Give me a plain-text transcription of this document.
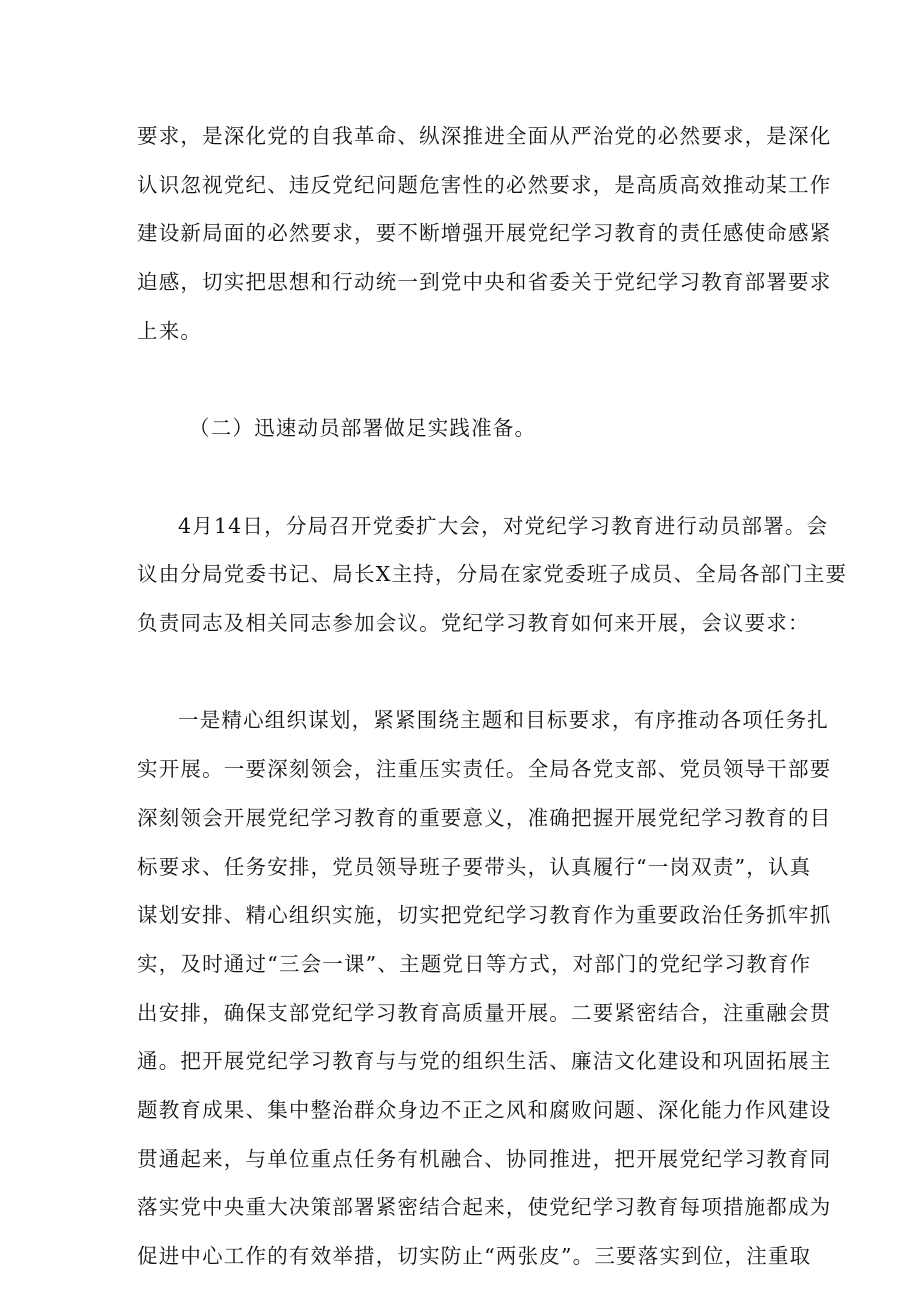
要求，是深化党的自我革命、纵深推进全面从严治党的必然要求，是深化
认识忽视党纪、违反党纪问题危害性的必然要求，是高质高效推动某工作
建设新局面的必然要求，要不断增强开展党纪学习教育的责任感使命感紧
迫感，切实把思想和行动统一到党中央和省委关于党纪学习教育部署要求
上来。

（二）迅速动员部署做足实践准备。

4月14日，分局召开党委扩大会，对党纪学习教育进行动员部署。会
议由分局党委书记、局长X主持，分局在家党委班子成员、全局各部门主要
负责同志及相关同志参加会议。党纪学习教育如何来开展，会议要求：

一是精心组织谋划，紧紧围绕主题和目标要求，有序推动各项任务扎
实开展。一要深刻领会，注重压实责任。全局各党支部、党员领导干部要
深刻领会开展党纪学习教育的重要意义，准确把握开展党纪学习教育的目
标要求、任务安排，党员领导班子要带头，认真履行“一岗双责”，认真
谋划安排、精心组织实施，切实把党纪学习教育作为重要政治任务抓牢抓
实，及时通过“三会一课”、主题党日等方式，对部门的党纪学习教育作
出安排，确保支部党纪学习教育高质量开展。二要紧密结合，注重融会贯
通。把开展党纪学习教育与与党的组织生活、廉洁文化建设和巩固拓展主
题教育成果、集中整治群众身边不正之风和腐败问题、深化能力作风建设
贯通起来，与单位重点任务有机融合、协同推进，把开展党纪学习教育同
落实党中央重大决策部署紧密结合起来，使党纪学习教育每项措施都成为
促进中心工作的有效举措，切实防止“两张皮”。三要落实到位，注重取
